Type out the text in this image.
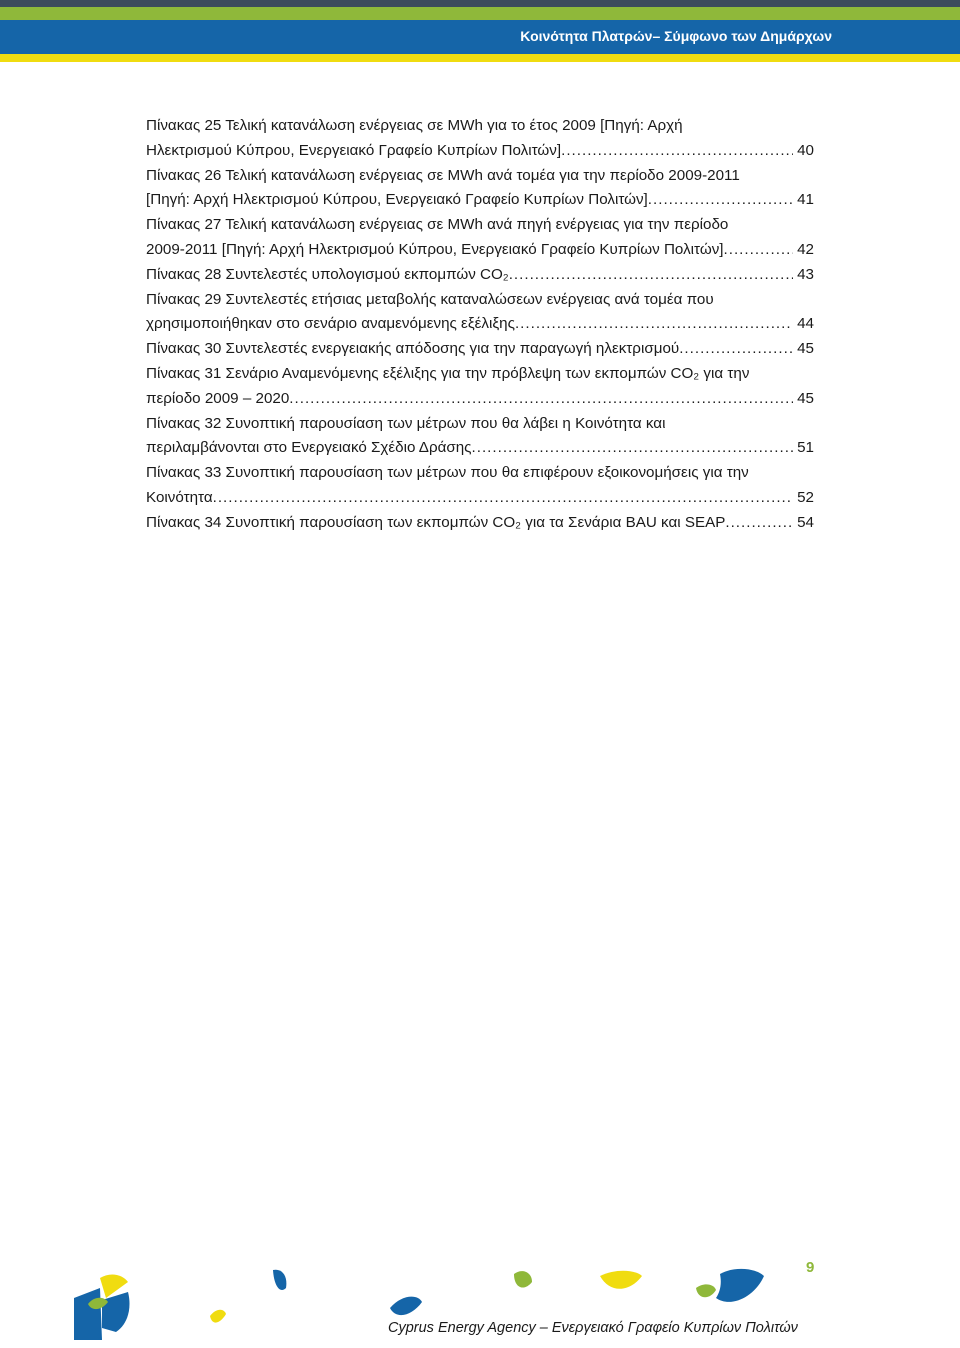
Κοινότητα Πλατρών– Σύμφωνο των Δημάρχων
Πίνακας 25 Τελική κατανάλωση ενέργειας σε MWh για το έτος 2009 [Πηγή: Αρχή
Ηλεκτρισμού Κύπρου, Ενεργειακό Γραφείο Κυπρίων Πολιτών] .....	40
Πίνακας 26 Τελική κατανάλωση ενέργειας σε MWh ανά τομέα για την περίοδο 2009-2011
[Πηγή: Αρχή Ηλεκτρισμού Κύπρου, Ενεργειακό Γραφείο Κυπρίων Πολιτών] .....	41
Πίνακας 27 Τελική κατανάλωση ενέργειας σε MWh ανά πηγή ενέργειας για την περίοδο
2009-2011 [Πηγή: Αρχή Ηλεκτρισμού Κύπρου, Ενεργειακό Γραφείο Κυπρίων Πολιτών] .....	42
Πίνακας 28 Συντελεστές υπολογισμού εκπομπών CO₂ .....	43
Πίνακας 29 Συντελεστές ετήσιας μεταβολής καταναλώσεων ενέργειας ανά τομέα που
χρησιμοποιήθηκαν στο σενάριο αναμενόμενης εξέλιξης .....	44
Πίνακας 30 Συντελεστές ενεργειακής απόδοσης για την παραγωγή ηλεκτρισμού .....	45
Πίνακας 31 Σενάριο Αναμενόμενης εξέλιξης για την πρόβλεψη των εκπομπών CO₂ για την
περίοδο 2009 – 2020 .....	45
Πίνακας 32 Συνοπτική παρουσίαση των μέτρων που θα λάβει η Κοινότητα και
περιλαμβάνονται στο Ενεργειακό Σχέδιο Δράσης .....	51
Πίνακας 33 Συνοπτική παρουσίαση των μέτρων που θα επιφέρουν εξοικονομήσεις για την
Κοινότητα .....	52
Πίνακας 34 Συνοπτική παρουσίαση των εκπομπών CO₂ για τα Σενάρια BAU και SEAP .....	54
9
Cyprus Energy Agency – Ενεργειακό Γραφείο Κυπρίων Πολιτών
